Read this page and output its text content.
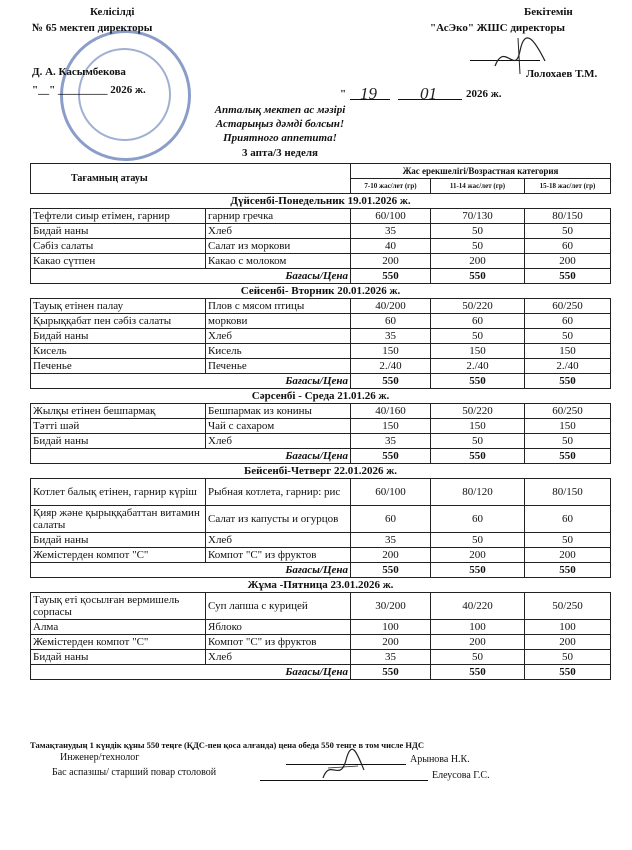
Келісілді
№ 65 мектеп директоры
Д. А. Касымбекова
"__" _________ 2026 ж.
Бекітемін
"АсЭко" ЖШС директоры
Лолохаев Т.М.
" 19	01	2026 ж.
Апталық мектеп ас мәзірі
Астарыңыз дәмді болсын!
Приятного аппетита!
3 апта/3 неделя
Тағамның атауы		Жас ерекшелігі/Возрастная категория		
		7-10 жас/лет (гр)	11-14 жас/лет (гр)	15-18 жас/лет (гр)
Дүйсенбі-Понедельник 19.01.2026 ж.				
Тефтели сиыр етімен, гарнир	гарнир гречка	60/100	70/130	80/150
Бидай наны	Хлеб	35	50	50
Сәбіз салаты	Салат из моркови	40	50	60
Какао сүтпен	Какао с молоком	200	200	200
Бағасы/Цена		550	550	550
Сейсенбі- Вторник 20.01.2026 ж.				
Тауық етінен палау	Плов с мясом птицы	40/200	50/220	60/250
Қырыққабат пен сәбіз салаты	моркови	60	60	60
Бидай наны	Хлеб	35	50	50
Кисель	Кисель	150	150	150
Печенье	Печенье	2./40	2./40	2./40
Бағасы/Цена		550	550	550
Сәрсенбі - Среда 21.01.26 ж.				
Жылқы етінен бешпармақ	Бешпармак из конины	40/160	50/220	60/250
Тәтті шәй	Чай с сахаром	150	150	150
Бидай наны	Хлеб	35	50	50
Бағасы/Цена		550	550	550
Бейсенбі-Четверг 22.01.2026 ж.				
Котлет балық етінен, гарнир күріш	Рыбная котлета, гарнир: рис	60/100	80/120	80/150
Қияр және қырыққабаттан витамин салаты	Салат из капусты и огурцов	60	60	60
Бидай наны	Хлеб	35	50	50
Жемістерден компот "С"	Компот "С" из фруктов	200	200	200
Бағасы/Цена		550	550	550
Жұма -Пятница 23.01.2026 ж.				
Тауық еті қосылған вермишель сорпасы	Суп лапша с курицей	30/200	40/220	50/250
Алма	Яблоко	100	100	100
Жемістерден компот "С"	Компот "С" из фруктов	200	200	200
Бидай наны	Хлеб	35	50	50
Бағасы/Цена		550	550	550
Тамақтанудың 1 күндік құны 550 теңге (ҚДС-пен қоса алғанда) цена обеда 550 тенге в том числе НДС
Инженер/технолог	Арынова Н.К.
Бас аспазшы/ старший повар столовой	Елеусова Г.С.
